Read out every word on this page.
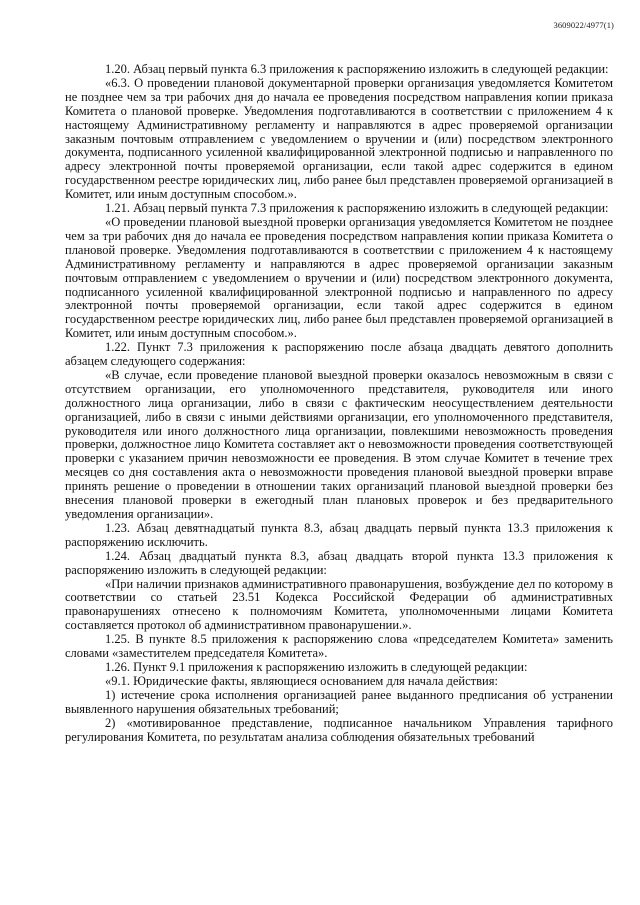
3609022/4977(1)

1.20. Абзац первый пункта 6.3 приложения к распоряжению изложить в следующей редакции:

«6.3. О проведении плановой документарной проверки организация уведомляется Комитетом не позднее чем за три рабочих дня до начала ее проведения посредством направления копии приказа Комитета о плановой проверке. Уведомления подготавливаются в соответствии с приложением 4 к настоящему Административному регламенту и направляются в адрес проверяемой организации заказным почтовым отправлением с уведомлением о вручении и (или) посредством электронного документа, подписанного усиленной квалифицированной электронной подписью и направленного по адресу электронной почты проверяемой организации, если такой адрес содержится в едином государственном реестре юридических лиц, либо ранее был представлен проверяемой организацией в Комитет, или иным доступным способом.».

1.21. Абзац первый пункта 7.3 приложения к распоряжению изложить в следующей редакции:

«О проведении плановой выездной проверки организация уведомляется Комитетом не позднее чем за три рабочих дня до начала ее проведения посредством направления копии приказа Комитета о плановой проверке. Уведомления подготавливаются в соответствии с приложением 4 к настоящему Административному регламенту и направляются в адрес проверяемой организации заказным почтовым отправлением с уведомлением о вручении и (или) посредством электронного документа, подписанного усиленной квалифицированной электронной подписью и направленного по адресу электронной почты проверяемой организации, если такой адрес содержится в едином государственном реестре юридических лиц, либо ранее был представлен проверяемой организацией в Комитет, или иным доступным способом.».

1.22. Пункт 7.3 приложения к распоряжению после абзаца двадцать девятого дополнить абзацем следующего содержания:

«В случае, если проведение плановой выездной проверки оказалось невозможным в связи с отсутствием организации, его уполномоченного представителя, руководителя или иного должностного лица организации, либо в связи с фактическим неосуществлением деятельности организацией, либо в связи с иными действиями организации, его уполномоченного представителя, руководителя или иного должностного лица организации, повлекшими невозможность проведения проверки, должностное лицо Комитета составляет акт о невозможности проведения соответствующей проверки с указанием причин невозможности ее проведения. В этом случае Комитет в течение трех месяцев со дня составления акта о невозможности проведения плановой выездной проверки вправе принять решение о проведении в отношении таких организаций плановой выездной проверки без внесения плановой проверки в ежегодный план плановых проверок и без предварительного уведомления организации».

1.23. Абзац девятнадцатый пункта 8.3, абзац двадцать первый пункта 13.3 приложения к распоряжению исключить.

1.24. Абзац двадцатый пункта 8.3, абзац двадцать второй пункта 13.3 приложения к распоряжению изложить в следующей редакции:

«При наличии признаков административного правонарушения, возбуждение дел по которому в соответствии со статьей 23.51 Кодекса Российской Федерации об административных правонарушениях отнесено к полномочиям Комитета, уполномоченными лицами Комитета составляется протокол об административном правонарушении.».

1.25. В пункте 8.5 приложения к распоряжению слова «председателем Комитета» заменить словами «заместителем председателя Комитета».

1.26. Пункт 9.1 приложения к распоряжению изложить в следующей редакции:

«9.1. Юридические факты, являющиеся основанием для начала действия:

1) истечение срока исполнения организацией ранее выданного предписания об устранении выявленного нарушения обязательных требований;

2) «мотивированное представление, подписанное начальником Управления тарифного регулирования Комитета, по результатам анализа соблюдения обязательных требований
